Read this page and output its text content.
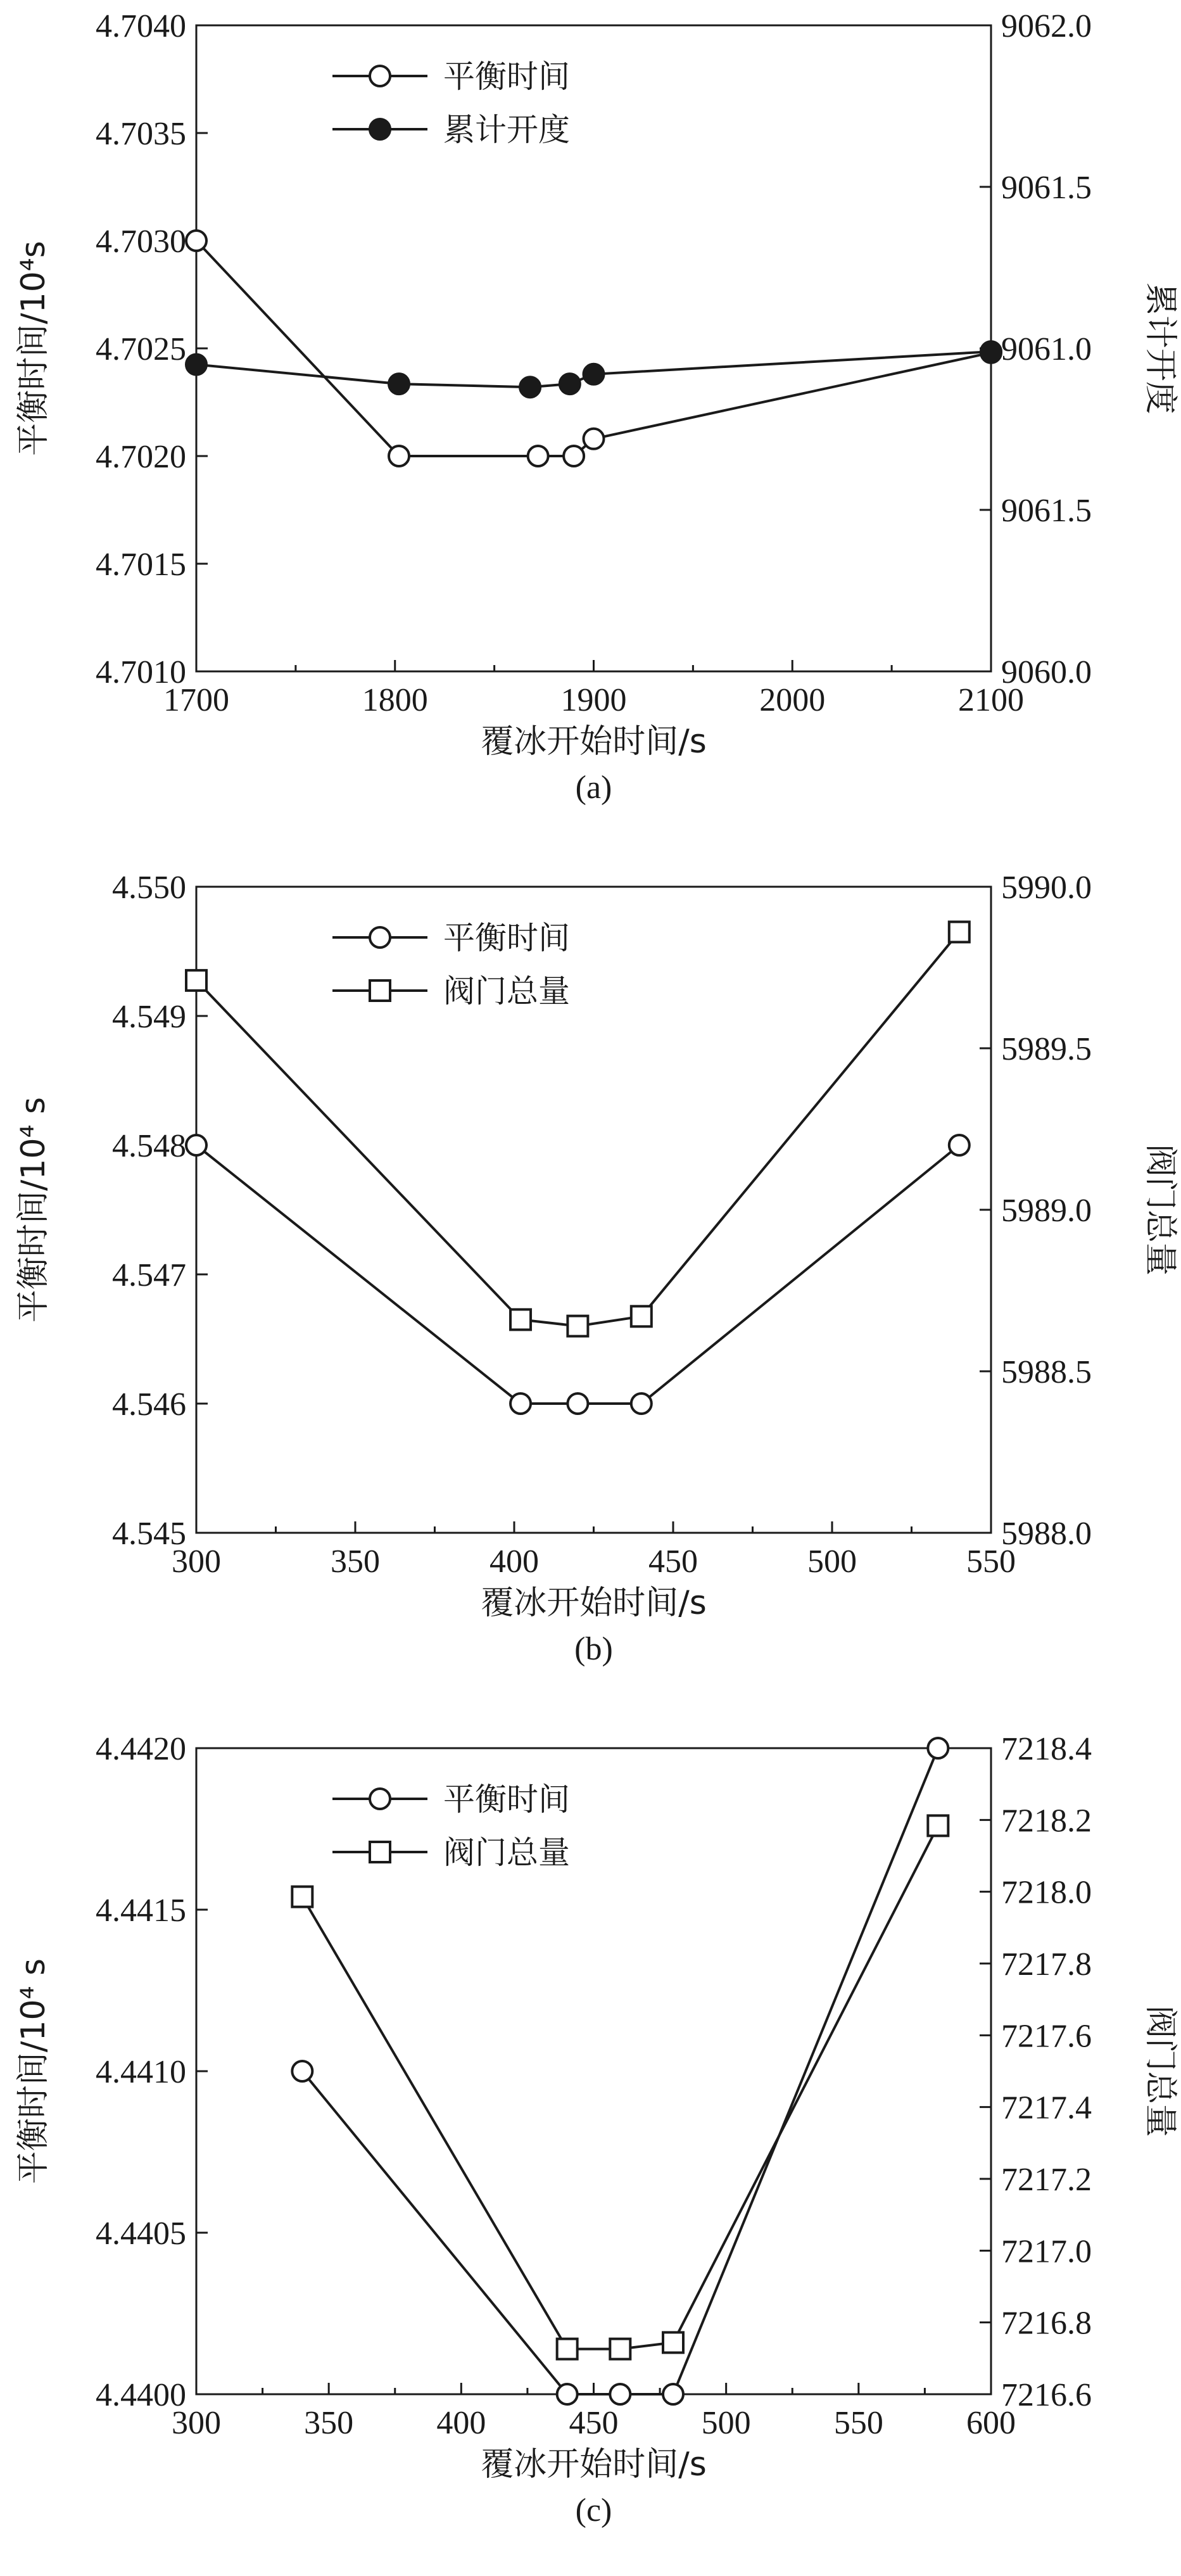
1700	1800	1900	2000	2100
4.7010
4.7015
4.7020
4.7025
4.7030
4.7035
4.7040
9060.0
9061.5
9061.0
9061.5
9062.0
覆冰开始时间/s
(a)
平衡时间/10⁴s	累计开度
平衡时间
累计开度
300	350	400	450	500	550
4.545
4.546
4.547
4.548
4.549
4.550
5988.0
5988.5
5989.0
5989.5
5990.0
覆冰开始时间/s
(b)
平衡时间/10⁴ s	阀门总量
平衡时间
阀门总量
300	350	400	450	500	550	600
4.4400
4.4405
4.4410
4.4415
4.4420
7216.6
7216.8
7217.0
7217.2
7217.4
7217.6
7217.8
7218.0
7218.2
7218.4
覆冰开始时间/s
(c)
平衡时间/10⁴ s	阀门总量
平衡时间
阀门总量
